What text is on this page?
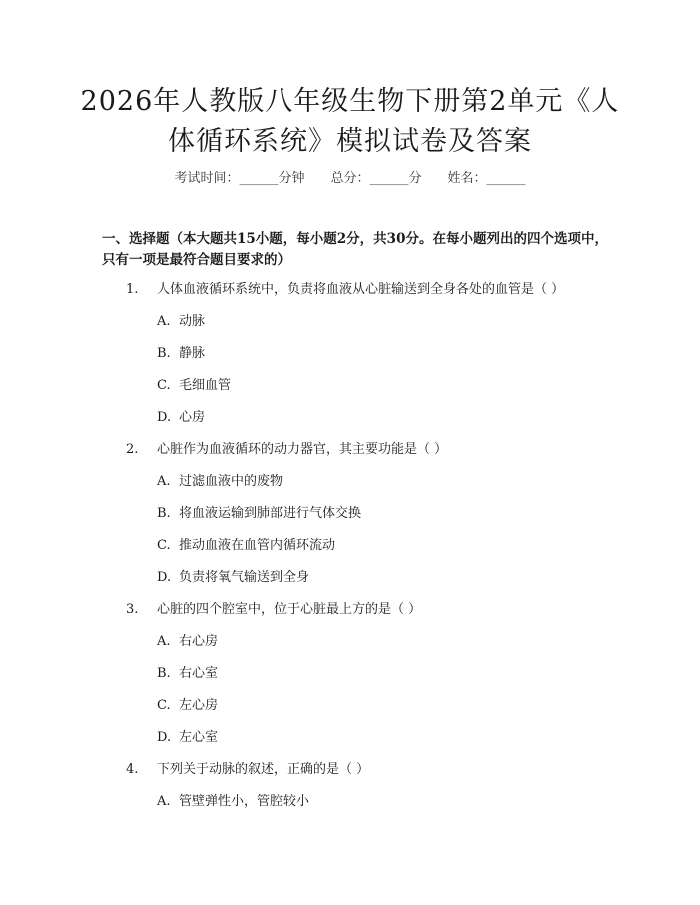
2026年人教版八年级生物下册第2单元《人体循环系统》模拟试卷及答案
考试时间：______分钟 总分：______分 姓名：______

一、选择题（本大题共15小题，每小题2分，共30分。在每小题列出的四个选项中，只有一项是最符合题目要求的）

1. 人体血液循环系统中，负责将血液从心脏输送到全身各处的血管是（ ）
A. 动脉
B. 静脉
C. 毛细血管
D. 心房
2. 心脏作为血液循环的动力器官，其主要功能是（ ）
A. 过滤血液中的废物
B. 将血液运输到肺部进行气体交换
C. 推动血液在血管内循环流动
D. 负责将氧气输送到全身
3. 心脏的四个腔室中，位于心脏最上方的是（ ）
A. 右心房
B. 右心室
C. 左心房
D. 左心室
4. 下列关于动脉的叙述，正确的是（ ）
A. 管壁弹性小，管腔较小
